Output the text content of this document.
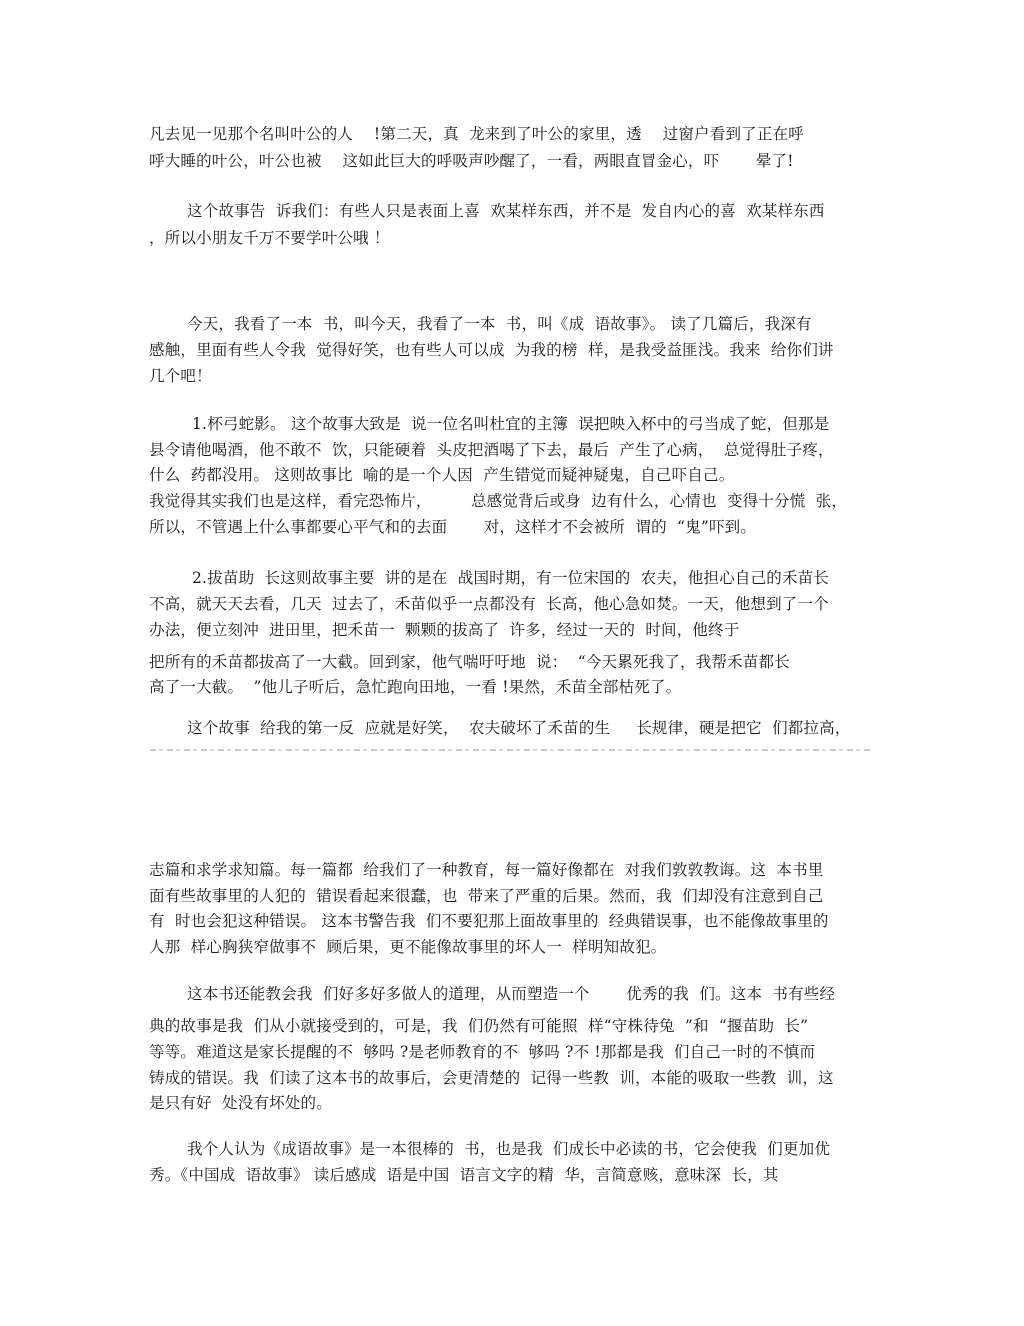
凡去见一见那个名叫叶公的人 　!第二天，真  龙来到了叶公的家里，透 　过窗户看到了正在呼
呼大睡的叶公，叶公也被 　这如此巨大的呼吸声吵醒了，一看，两眼直冒金心，吓　　 晕了!
这个故事告  诉我们：有些人只是表面上喜  欢某样东西，并不是  发自内心的喜  欢某样东西
，所以小朋友千万不要学叶公哦 ！
今天，我看了一本  书，叫今天，我看了一本  书，叫《成  语故事》。 读了几篇后，我深有
感触，里面有些人令我  觉得好笑，也有些人可以成  为我的榜  样，是我受益匪浅。我来  给你们讲
几个吧！
1.杯弓蛇影。 这个故事大致是  说一位名叫杜宜的主簿  误把映入杯中的弓当成了蛇，但那是
县令请他喝酒，他不敢不  饮，只能硬着  头皮把酒喝了下去，最后  产生了心病，  总觉得肚子疼，
什么  药都没用。 这则故事比  喻的是一个人因  产生错觉而疑神疑鬼，自己吓自己。
我觉得其实我们也是这样，看完恐怖片，　　　总感觉背后或身  边有什么，心情也  变得十分慌  张，
所以，不管遇上什么事都要心平气和的去面　　 对，这样才不会被所  谓的  “鬼”吓到。
2.拔苗助  长这则故事主要  讲的是在  战国时期，有一位宋国的  农夫，他担心自己的禾苗长
不高，就天天去看，几天  过去了，禾苗似乎一点都没有  长高，他心急如焚。一天，他想到了一个
办法，便立刻冲  进田里，把禾苗一  颗颗的拔高了  许多，经过一天的  时间，他终于
把所有的禾苗都拔高了一大截。回到家，他气喘吁吁地  说：  “今天累死我了，我帮禾苗都长
高了一大截。  ”他儿子听后，急忙跑向田地，一看 !果然，禾苗全部枯死了。
这个故事  给我的第一反  应就是好笑，  农夫破坏了禾苗的生 　 长规律，硬是把它  们都拉高，
志篇和求学求知篇。每一篇都  给我们了一种教育，每一篇好像都在  对我们敦敦教诲。这  本书里
面有些故事里的人犯的  错误看起来很蠢，也  带来了严重的后果。然而，我  们却没有注意到自己
有  时也会犯这种错误。 这本书警告我  们不要犯那上面故事里的  经典错误事，也不能像故事里的
人那  样心胸狭窄做事不  顾后果，更不能像故事里的坏人一  样明知故犯。
这本书还能教会我  们好多好多做人的道理，从而塑造一个　　 优秀的我  们。这本  书有些经
典的故事是我  们从小就接受到的，可是，我  们仍然有可能照  样“守株待兔  ”和  “揠苗助  长”
等等。难道这是家长提醒的不  够吗 ?是老师教育的不  够吗 ?不 !那都是我  们自己一时的不慎而
铸成的错误。我  们读了这本书的故事后，会更清楚的  记得一些教  训，本能的吸取一些教  训，这
是只有好  处没有坏处的。
我个人认为《成语故事》是一本很棒的  书，也是我  们成长中必读的书，它会使我  们更加优
秀。《中国成  语故事》 读后感成  语是中国  语言文字的精  华，言简意赅，意味深  长，其
